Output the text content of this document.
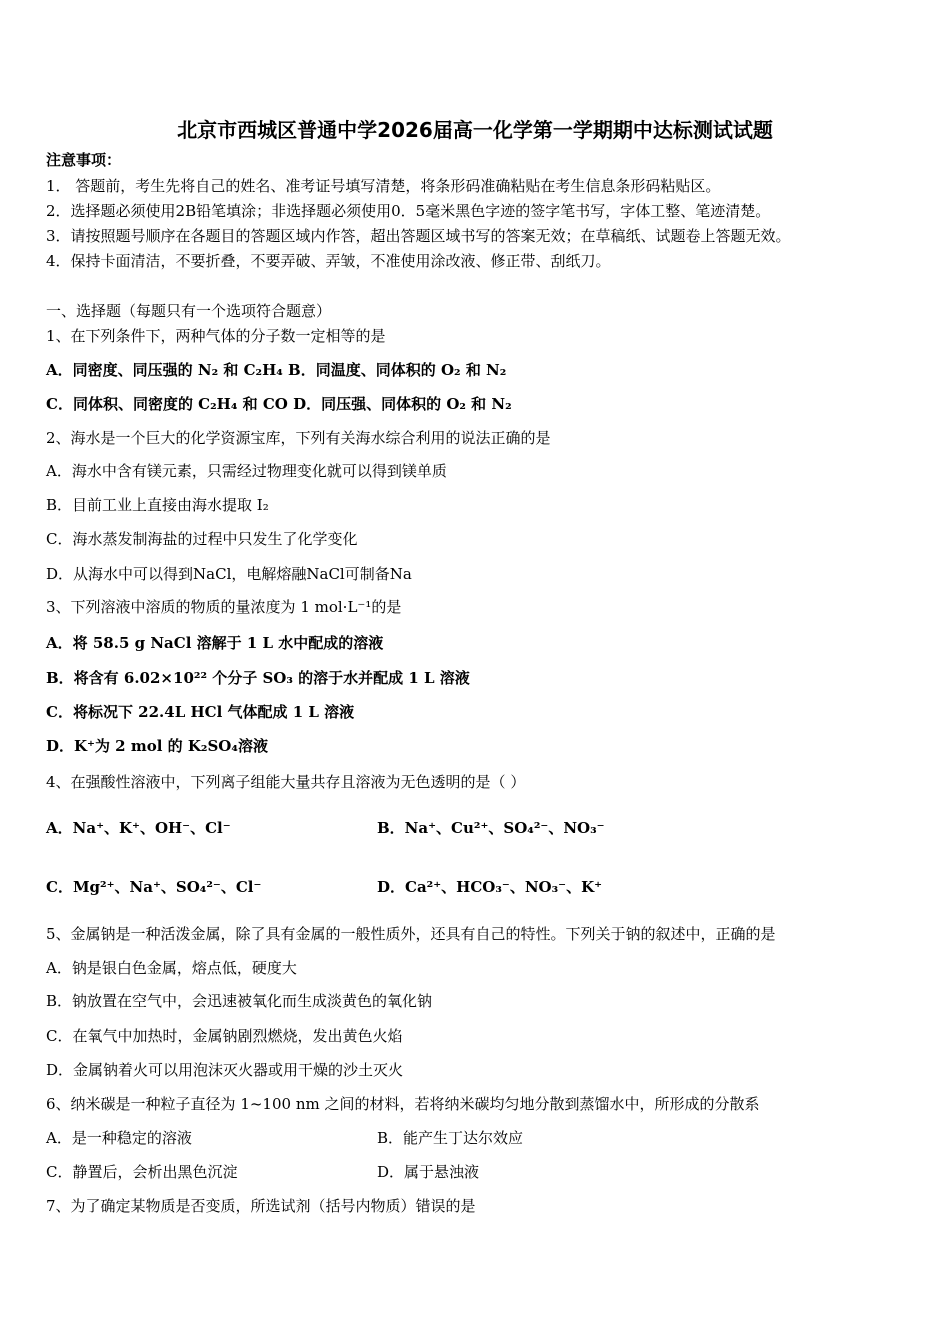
北京市西城区普通中学2026届高一化学第一学期期中达标测试试题
注意事项：
1． 答题前，考生先将自己的姓名、准考证号填写清楚，将条形码准确粘贴在考生信息条形码粘贴区。
2．选择题必须使用2B铅笔填涂；非选择题必须使用0．5毫米黑色字迹的签字笔书写，字体工整、笔迹清楚。
3．请按照题号顺序在各题目的答题区域内作答，超出答题区域书写的答案无效；在草稿纸、试题卷上答题无效。
4．保持卡面清洁，不要折叠，不要弄破、弄皱，不准使用涂改液、修正带、刮纸刀。
一、选择题（每题只有一个选项符合题意）
1、在下列条件下，两种气体的分子数一定相等的是
A．同密度、同压强的 N₂ 和 C₂H₄ B．同温度、同体积的 O₂ 和 N₂
C．同体积、同密度的 C₂H₄ 和 CO D．同压强、同体积的 O₂ 和 N₂
2、海水是一个巨大的化学资源宝库，下列有关海水综合利用的说法正确的是
A．海水中含有镁元素，只需经过物理变化就可以得到镁单质
B．目前工业上直接由海水提取 I₂
C．海水蒸发制海盐的过程中只发生了化学变化
D．从海水中可以得到NaCl，电解熔融NaCl可制备Na
3、下列溶液中溶质的物质的量浓度为 1 mol·L⁻¹的是
A．将 58.5 g NaCl 溶解于 1 L 水中配成的溶液
B．将含有 6.02×10²² 个分子 SO₃ 的溶于水并配成 1 L 溶液
C．将标况下 22.4L HCl 气体配成 1 L 溶液
D．K⁺为 2 mol 的 K₂SO₄溶液
4、在强酸性溶液中，下列离子组能大量共存且溶液为无色透明的是（ ）
A．Na⁺、K⁺、OH⁻、Cl⁻	B．Na⁺、Cu²⁺、SO₄²⁻、NO₃⁻
C．Mg²⁺、Na⁺、SO₄²⁻、Cl⁻	D．Ca²⁺、HCO₃⁻、NO₃⁻、K⁺
5、金属钠是一种活泼金属，除了具有金属的一般性质外，还具有自己的特性。下列关于钠的叙述中，正确的是
A．钠是银白色金属，熔点低，硬度大
B．钠放置在空气中，会迅速被氧化而生成淡黄色的氧化钠
C．在氧气中加热时，金属钠剧烈燃烧，发出黄色火焰
D．金属钠着火可以用泡沫灭火器或用干燥的沙土灭火
6、纳米碳是一种粒子直径为 1~100 nm 之间的材料，若将纳米碳均匀地分散到蒸馏水中，所形成的分散系
A．是一种稳定的溶液	B．能产生丁达尔效应
C．静置后，会析出黑色沉淀	D．属于悬浊液
7、为了确定某物质是否变质，所选试剂（括号内物质）错误的是
